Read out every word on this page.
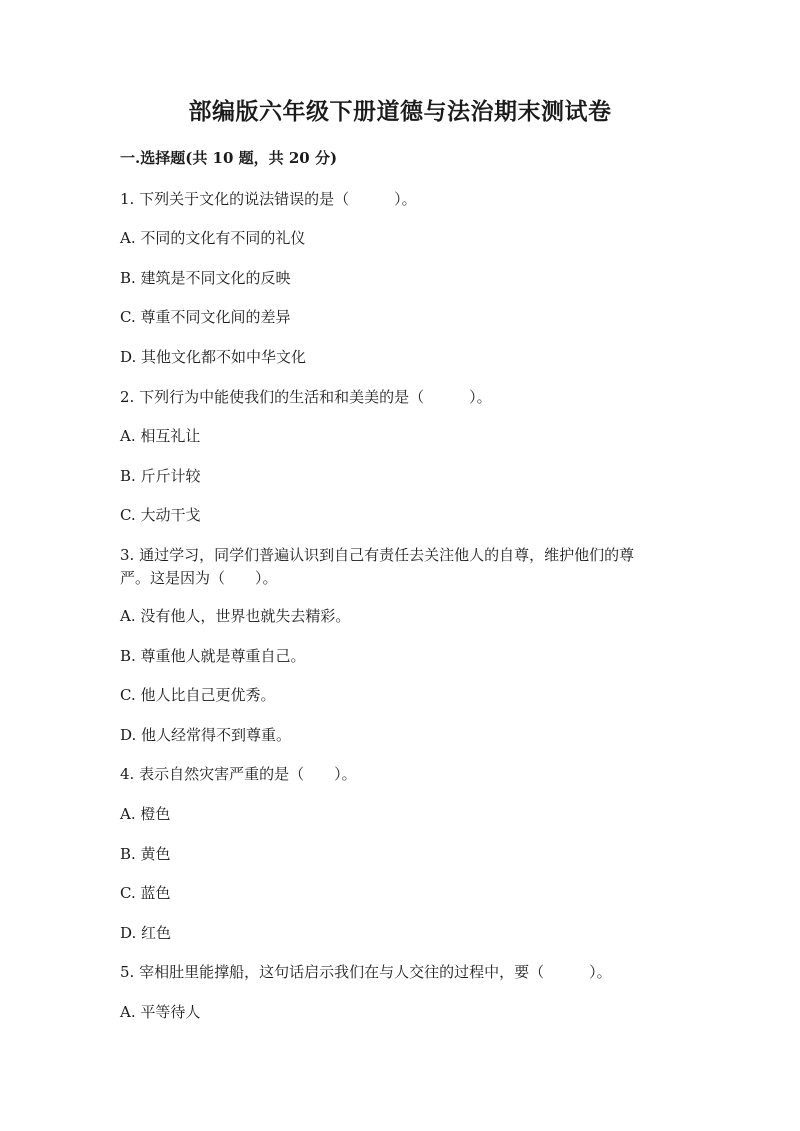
部编版六年级下册道德与法治期末测试卷
一.选择题(共 10 题，共 20 分)
1. 下列关于文化的说法错误的是（　　　）。
A. 不同的文化有不同的礼仪
B. 建筑是不同文化的反映
C. 尊重不同文化间的差异
D. 其他文化都不如中华文化
2. 下列行为中能使我们的生活和和美美的是（　　　）。
A. 相互礼让
B. 斤斤计较
C. 大动干戈
3. 通过学习，同学们普遍认识到自己有责任去关注他人的自尊，维护他们的尊
严。这是因为（　　）。
A. 没有他人，世界也就失去精彩。
B. 尊重他人就是尊重自己。
C. 他人比自己更优秀。
D. 他人经常得不到尊重。
4. 表示自然灾害严重的是（　　）。
A. 橙色
B. 黄色
C. 蓝色
D. 红色
5. 宰相肚里能撑船，这句话启示我们在与人交往的过程中，要（　　　）。
A. 平等待人
